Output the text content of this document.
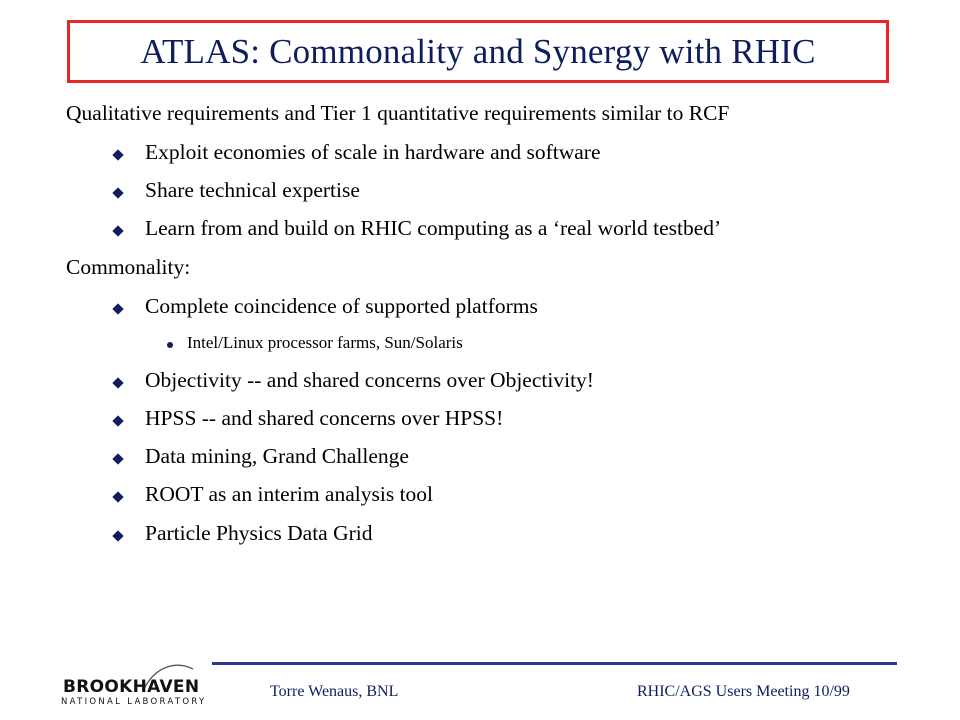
ATLAS: Commonality and Synergy with RHIC
Qualitative requirements and Tier 1 quantitative requirements similar to RCF
Exploit economies of scale in hardware and software
Share technical expertise
Learn from and build on RHIC computing as a ‘real world testbed’
Commonality:
Complete coincidence of supported platforms
Intel/Linux processor farms, Sun/Solaris
Objectivity -- and shared concerns over Objectivity!
HPSS -- and shared concerns over HPSS!
Data mining, Grand Challenge
ROOT as an interim analysis tool
Particle Physics Data Grid
BROOKHAVEN
NATIONAL LABORATORY
Torre Wenaus, BNL	RHIC/AGS Users Meeting 10/99
